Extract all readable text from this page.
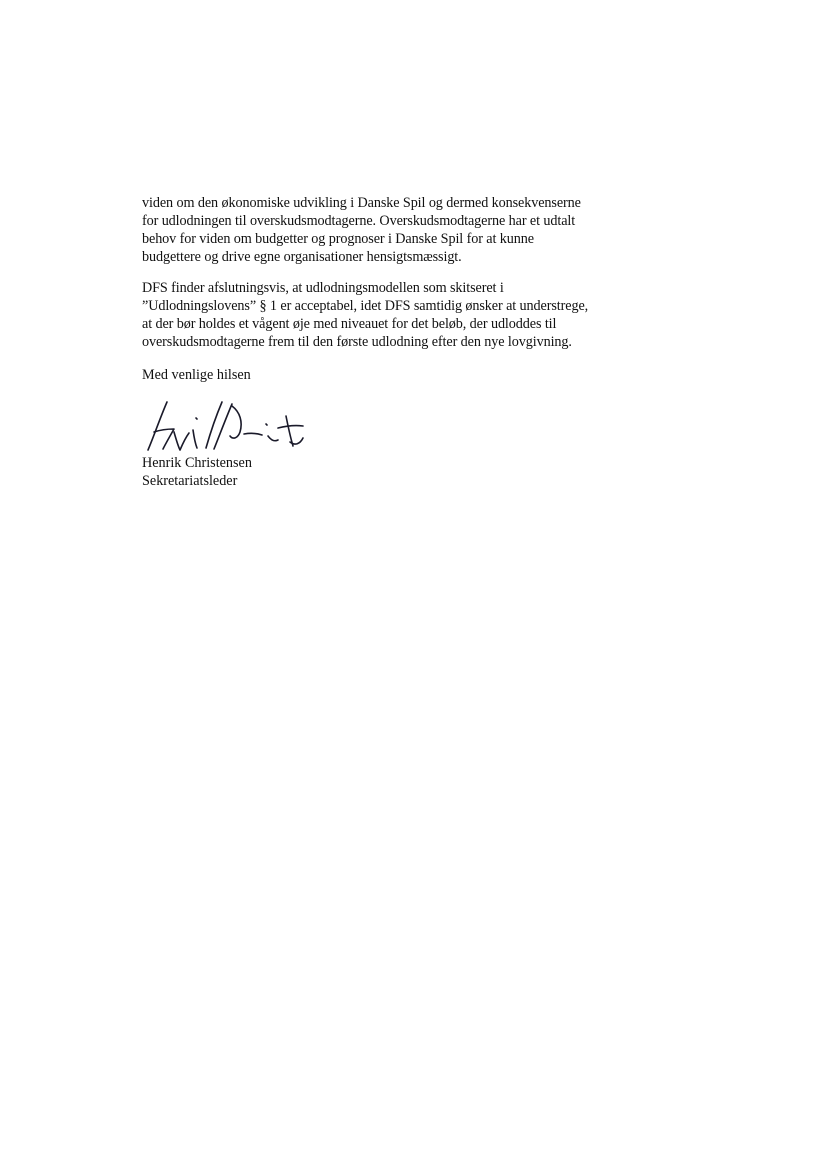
viden om den økonomiske udvikling i Danske Spil og dermed konsekvenserne
for udlodningen til overskudsmodtagerne. Overskudsmodtagerne har et udtalt
behov for viden om budgetter og prognoser i Danske Spil for at kunne
budgettere og drive egne organisationer hensigtsmæssigt.
DFS finder afslutningsvis, at udlodningsmodellen som skitseret i
”Udlodningslovens” § 1 er acceptabel, idet DFS samtidig ønsker at understrege,
at der bør holdes et vågent øje med niveauet for det beløb, der udloddes til
overskudsmodtagerne frem til den første udlodning efter den nye lovgivning.
Med venlige hilsen
Henrik Christensen
Sekretariatsleder
